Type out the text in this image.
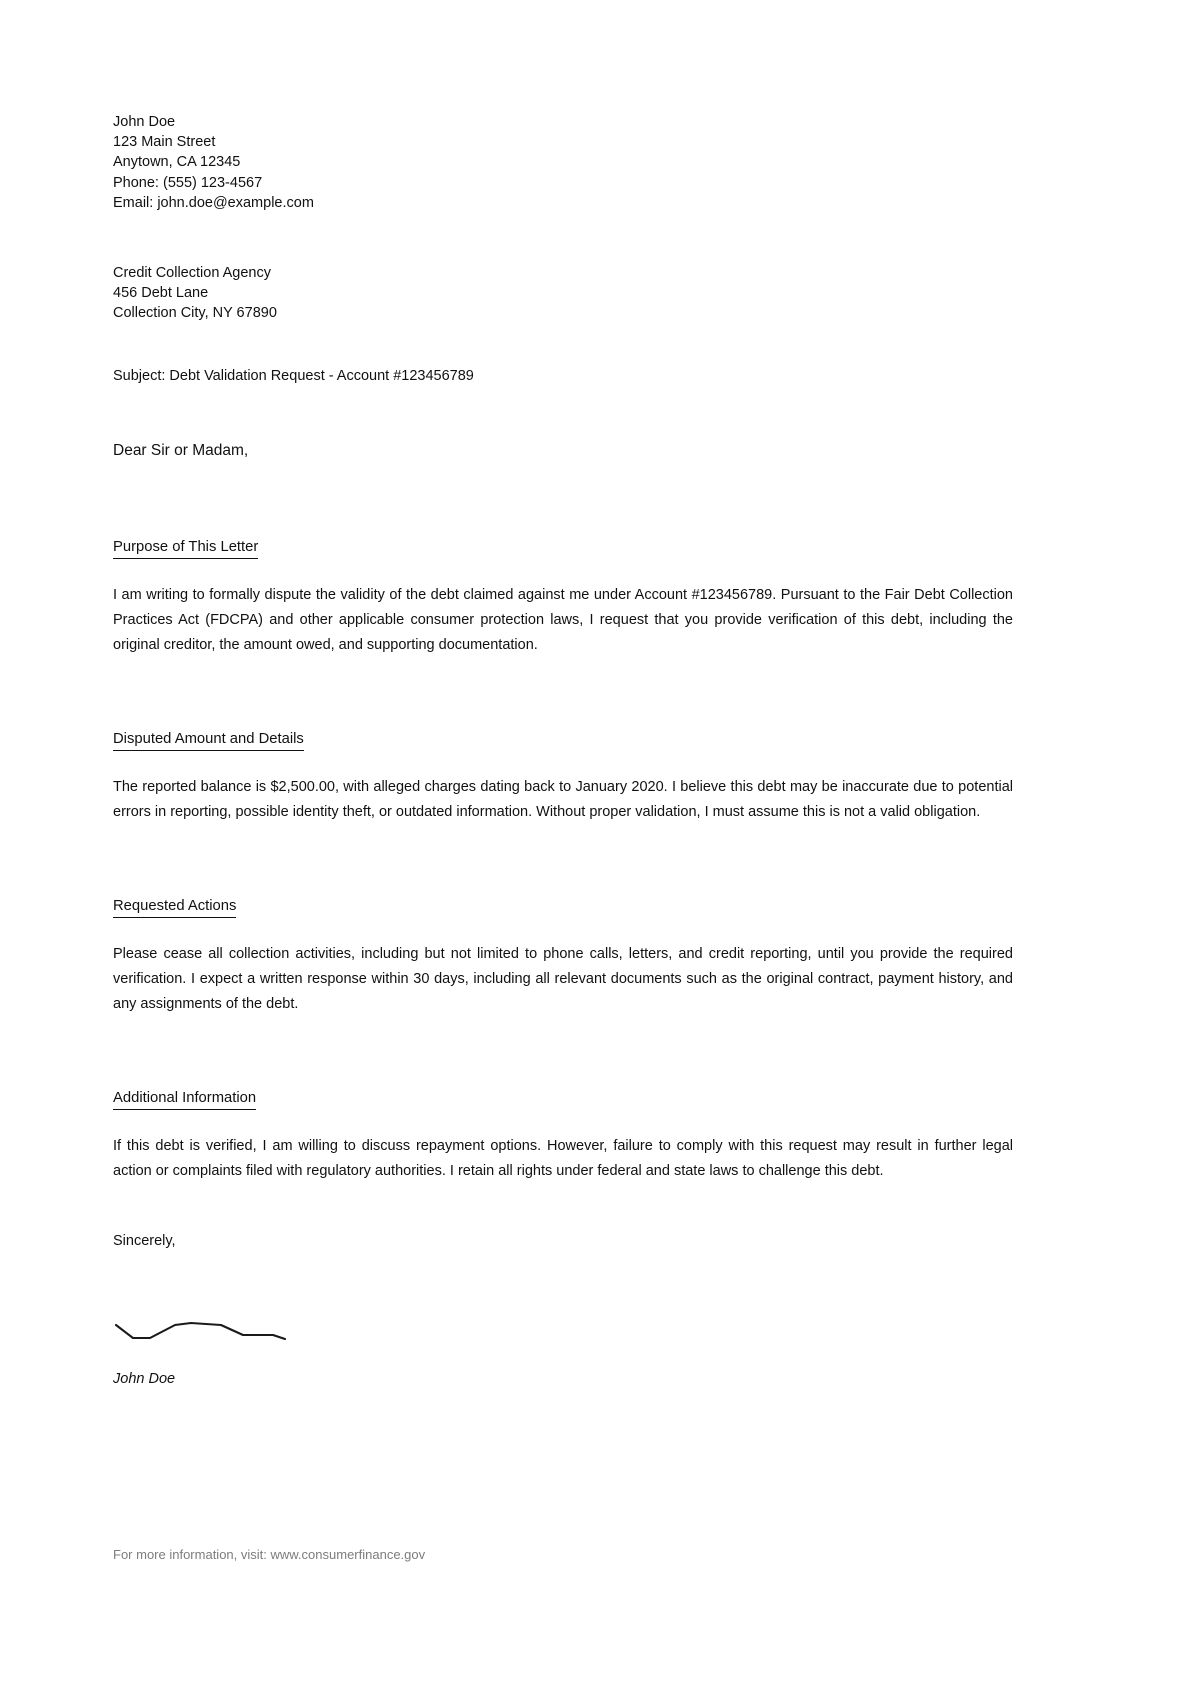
John Doe
123 Main Street
Anytown, CA 12345
Phone: (555) 123-4567
Email: john.doe@example.com
Credit Collection Agency
456 Debt Lane
Collection City, NY 67890
Subject: Debt Validation Request - Account #123456789
Dear Sir or Madam,
Purpose of This Letter

I am writing to formally dispute the validity of the debt claimed against me under Account #123456789. Pursuant to the Fair Debt Collection Practices Act (FDCPA) and other applicable consumer protection laws, I request that you provide verification of this debt, including the original creditor, the amount owed, and supporting documentation.

Disputed Amount and Details

The reported balance is $2,500.00, with alleged charges dating back to January 2020. I believe this debt may be inaccurate due to potential errors in reporting, possible identity theft, or outdated information. Without proper validation, I must assume this is not a valid obligation.

Requested Actions

Please cease all collection activities, including but not limited to phone calls, letters, and credit reporting, until you provide the required verification. I expect a written response within 30 days, including all relevant documents such as the original contract, payment history, and any assignments of the debt.

Additional Information

If this debt is verified, I am willing to discuss repayment options. However, failure to comply with this request may result in further legal action or complaints filed with regulatory authorities. I retain all rights under federal and state laws to challenge this debt.

Sincerely,
John Doe
For more information, visit: www.consumerfinance.gov
